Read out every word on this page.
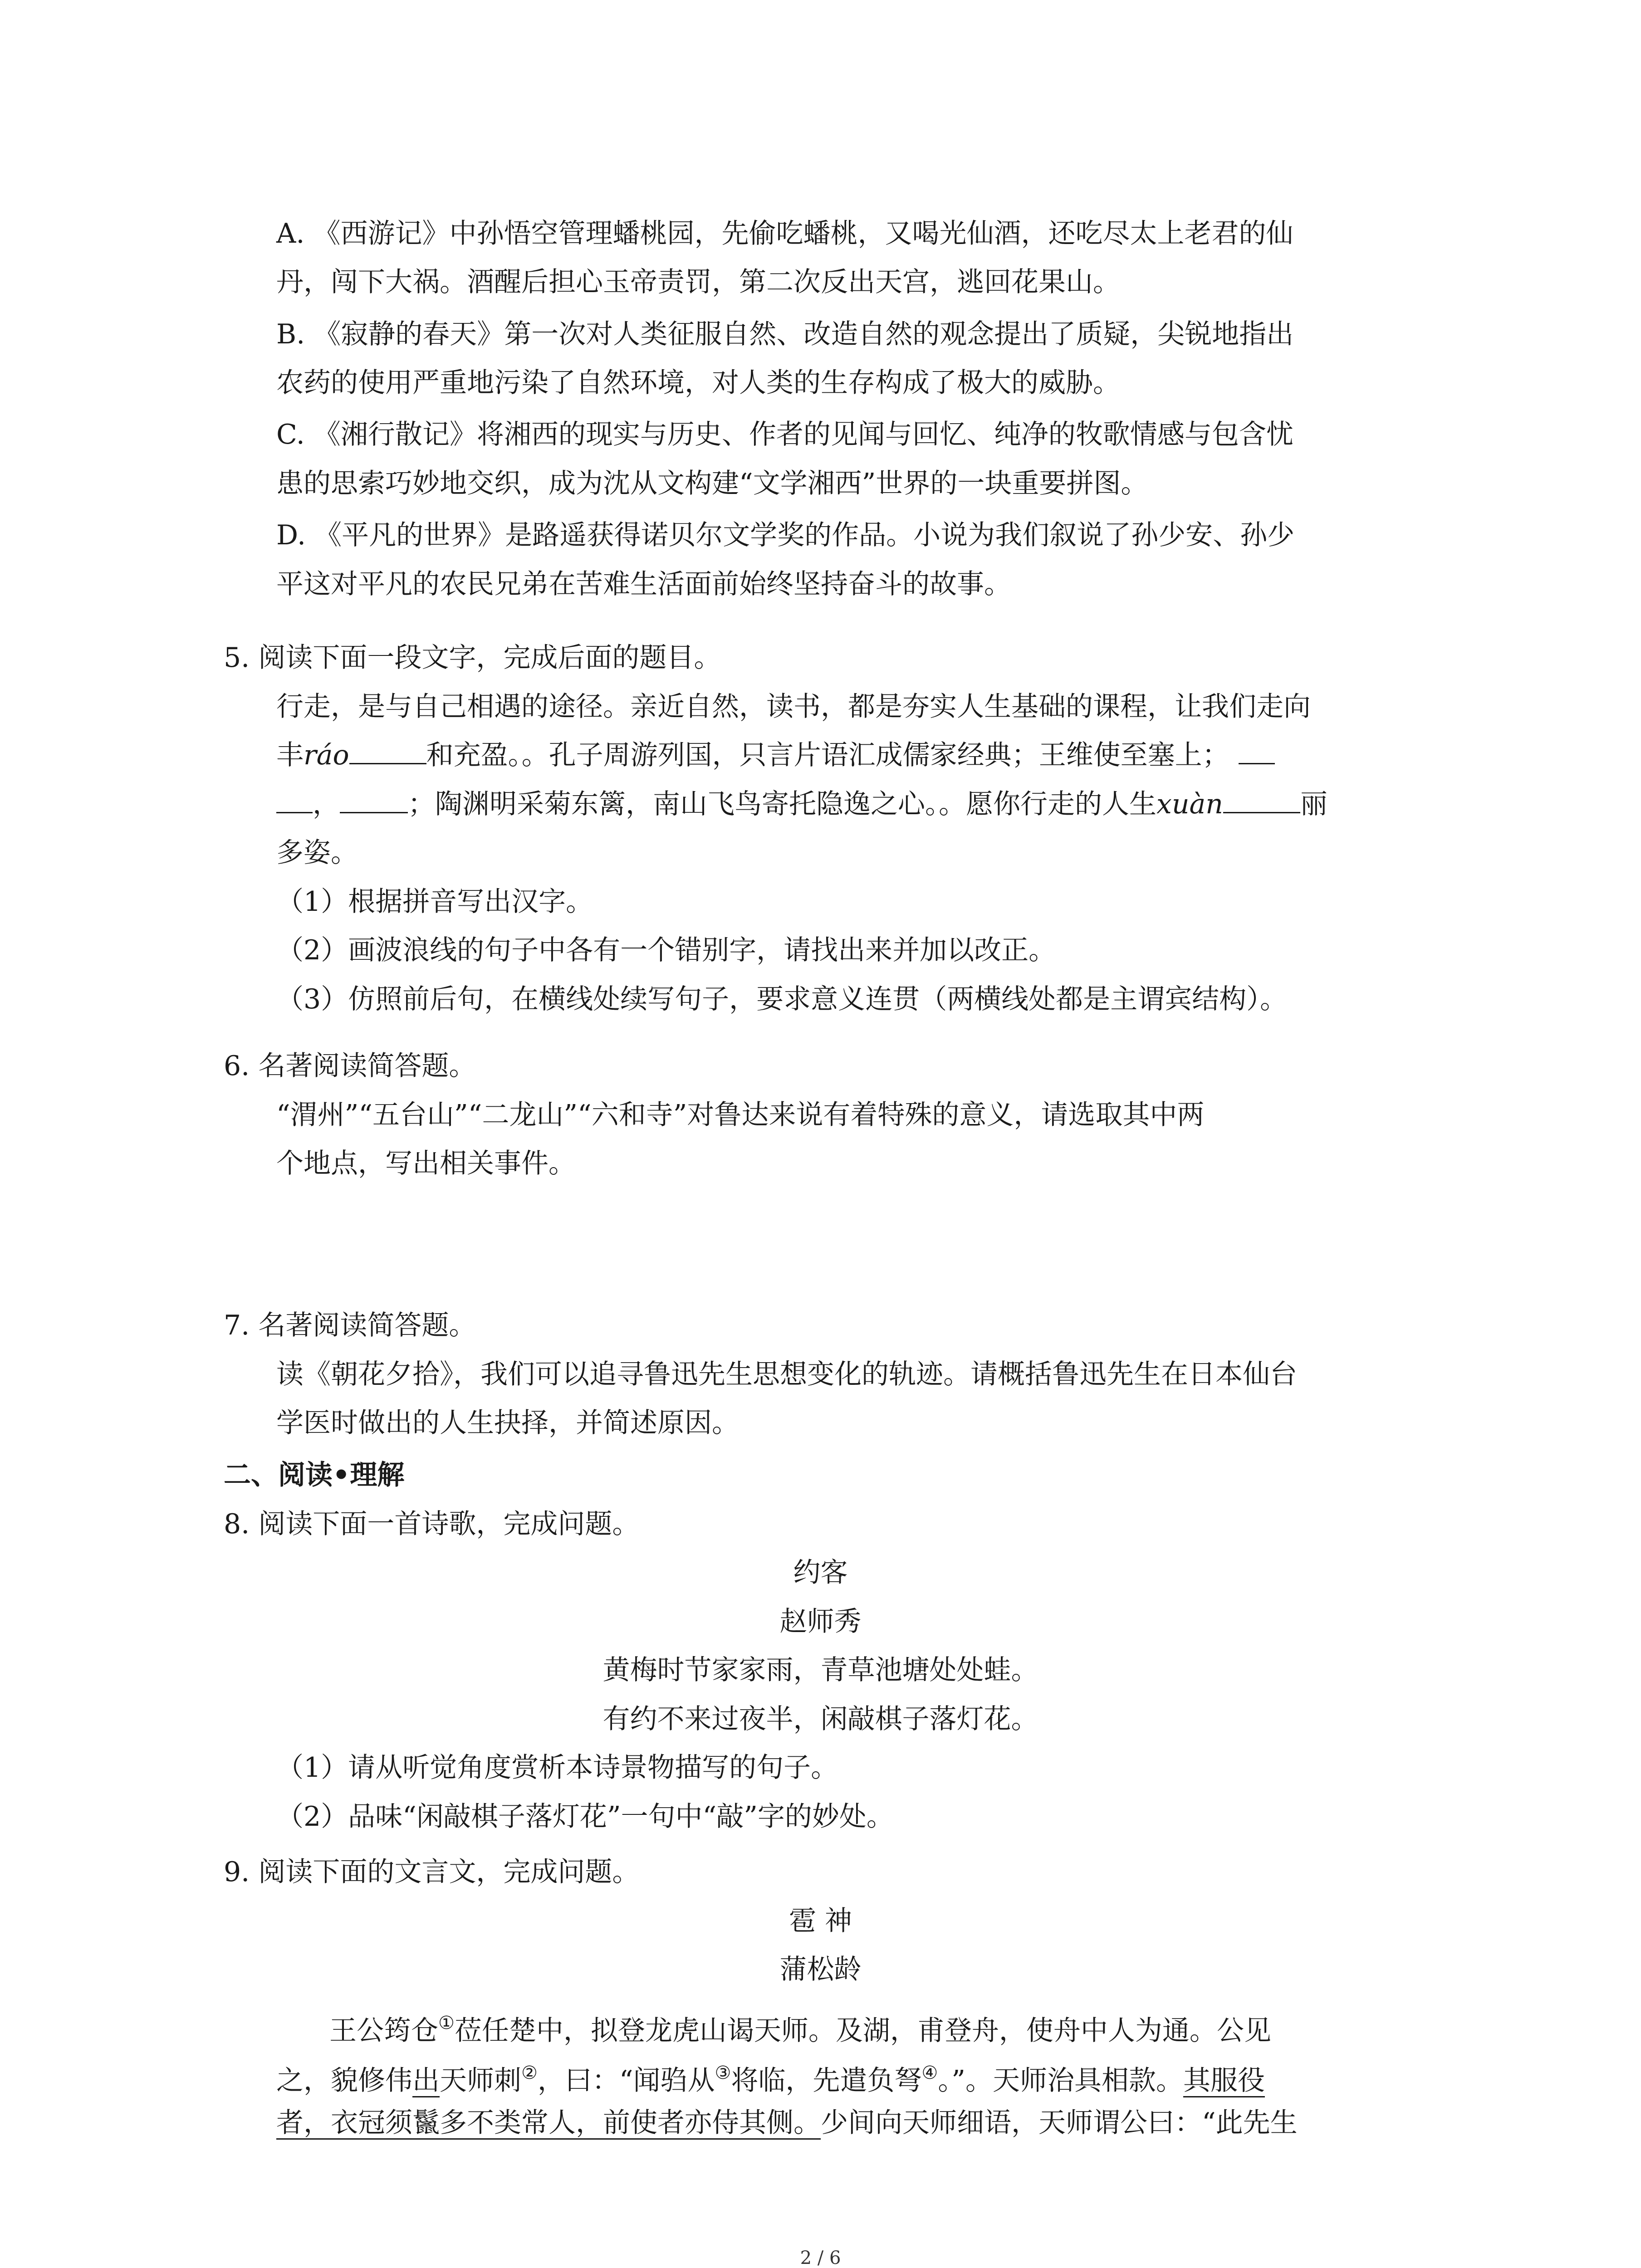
A. 《西游记》中孙悟空管理蟠桃园，先偷吃蟠桃，又喝光仙酒，还吃尽太上老君的仙
丹，闯下大祸。酒醒后担心玉帝责罚，第二次反出天宫，逃回花果山。
B. 《寂静的春天》第一次对人类征服自然、改造自然的观念提出了质疑，尖锐地指出
农药的使用严重地污染了自然环境，对人类的生存构成了极大的威胁。
C. 《湘行散记》将湘西的现实与历史、作者的见闻与回忆、纯净的牧歌情感与包含忧
患的思索巧妙地交织，成为沈从文构建“文学湘西”世界的一块重要拼图。
D. 《平凡的世界》是路遥获得诺贝尔文学奖的作品。小说为我们叙说了孙少安、孙少
平这对平凡的农民兄弟在苦难生活面前始终坚持奋斗的故事。
5. 阅读下面一段文字，完成后面的题目。
行走，是与自己相遇的途径。亲近自然，读书，都是夯实人生基础的课程，让我们走向
丰ráo	和充盈。。孔子周游列国，只言片语汇成儒家经典；王维使至塞上；
，	；陶渊明采菊东篱，南山飞鸟寄托隐逸之心。。愿你行走的人生xuàn	丽
多姿。
（1）根据拼音写出汉字。
（2）画波浪线的句子中各有一个错别字，请找出来并加以改正。
（3）仿照前后句，在横线处续写句子，要求意义连贯（两横线处都是主谓宾结构）。
6. 名著阅读简答题。
“渭州”“五台山”“二龙山”“六和寺”对鲁达来说有着特殊的意义，请选取其中两
个地点，写出相关事件。
7. 名著阅读简答题。
读《朝花夕拾》，我们可以追寻鲁迅先生思想变化的轨迹。请概括鲁迅先生在日本仙台
学医时做出的人生抉择，并简述原因。
二、阅读•理解
8. 阅读下面一首诗歌，完成问题。
约客
赵师秀
黄梅时节家家雨，青草池塘处处蛙。
有约不来过夜半，闲敲棋子落灯花。
（1）请从听觉角度赏析本诗景物描写的句子。
（2）品味“闲敲棋子落灯花”一句中“敲”字的妙处。
9. 阅读下面的文言文，完成问题。
雹 神
蒲松龄
王公筠仓①莅任楚中，拟登龙虎山谒天师。及湖，甫登舟，使舟中人为通。公见
之，貌修伟出天师刺②，曰：“闻驺从③将临，先遣负弩④。”。天师治具相款。其服役
者，衣冠须鬣多不类常人，前使者亦侍其侧。少间向天师细语，天师谓公曰：“此先生
2 / 6
